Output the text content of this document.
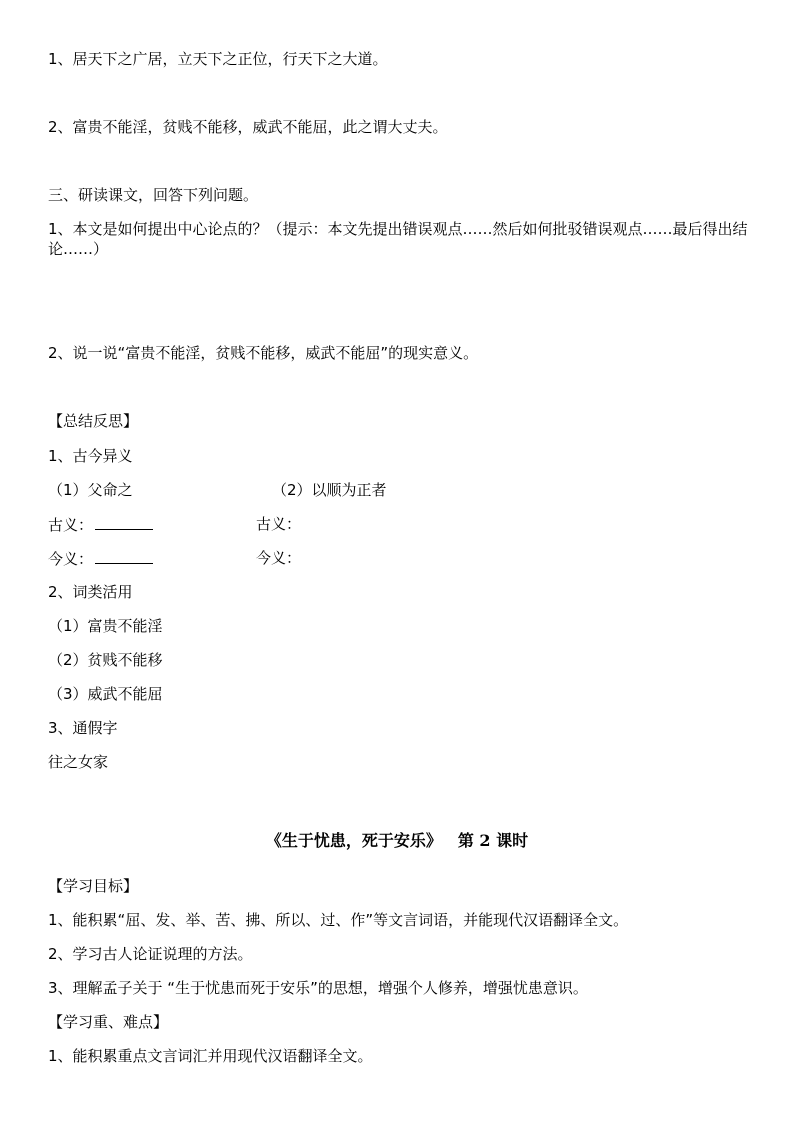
1、居天下之广居，立天下之正位，行天下之大道。
2、富贵不能淫，贫贱不能移，威武不能屈，此之谓大丈夫。
三、研读课文，回答下列问题。
1、本文是如何提出中心论点的？（提示：本文先提出错误观点……然后如何批驳错误观点……最后得出结论……）
2、说一说“富贵不能淫，贫贱不能移，威武不能屈”的现实意义。
【总结反思】
1、古今异义
（1）父命之	（2）以顺为正者
古义：	古义：
今义：	今义：
2、词类活用
（1）富贵不能淫
（2）贫贱不能移
（3）威武不能屈
3、通假字
往之女家
《生于忧患，死于安乐》 第 2 课时
【学习目标】
1、能积累“屈、发、举、苦、拂、所以、过、作”等文言词语，并能现代汉语翻译全文。
2、学习古人论证说理的方法。
3、理解孟子关于 “生于忧患而死于安乐”的思想，增强个人修养，增强忧患意识。
【学习重、难点】
1、能积累重点文言词汇并用现代汉语翻译全文。
